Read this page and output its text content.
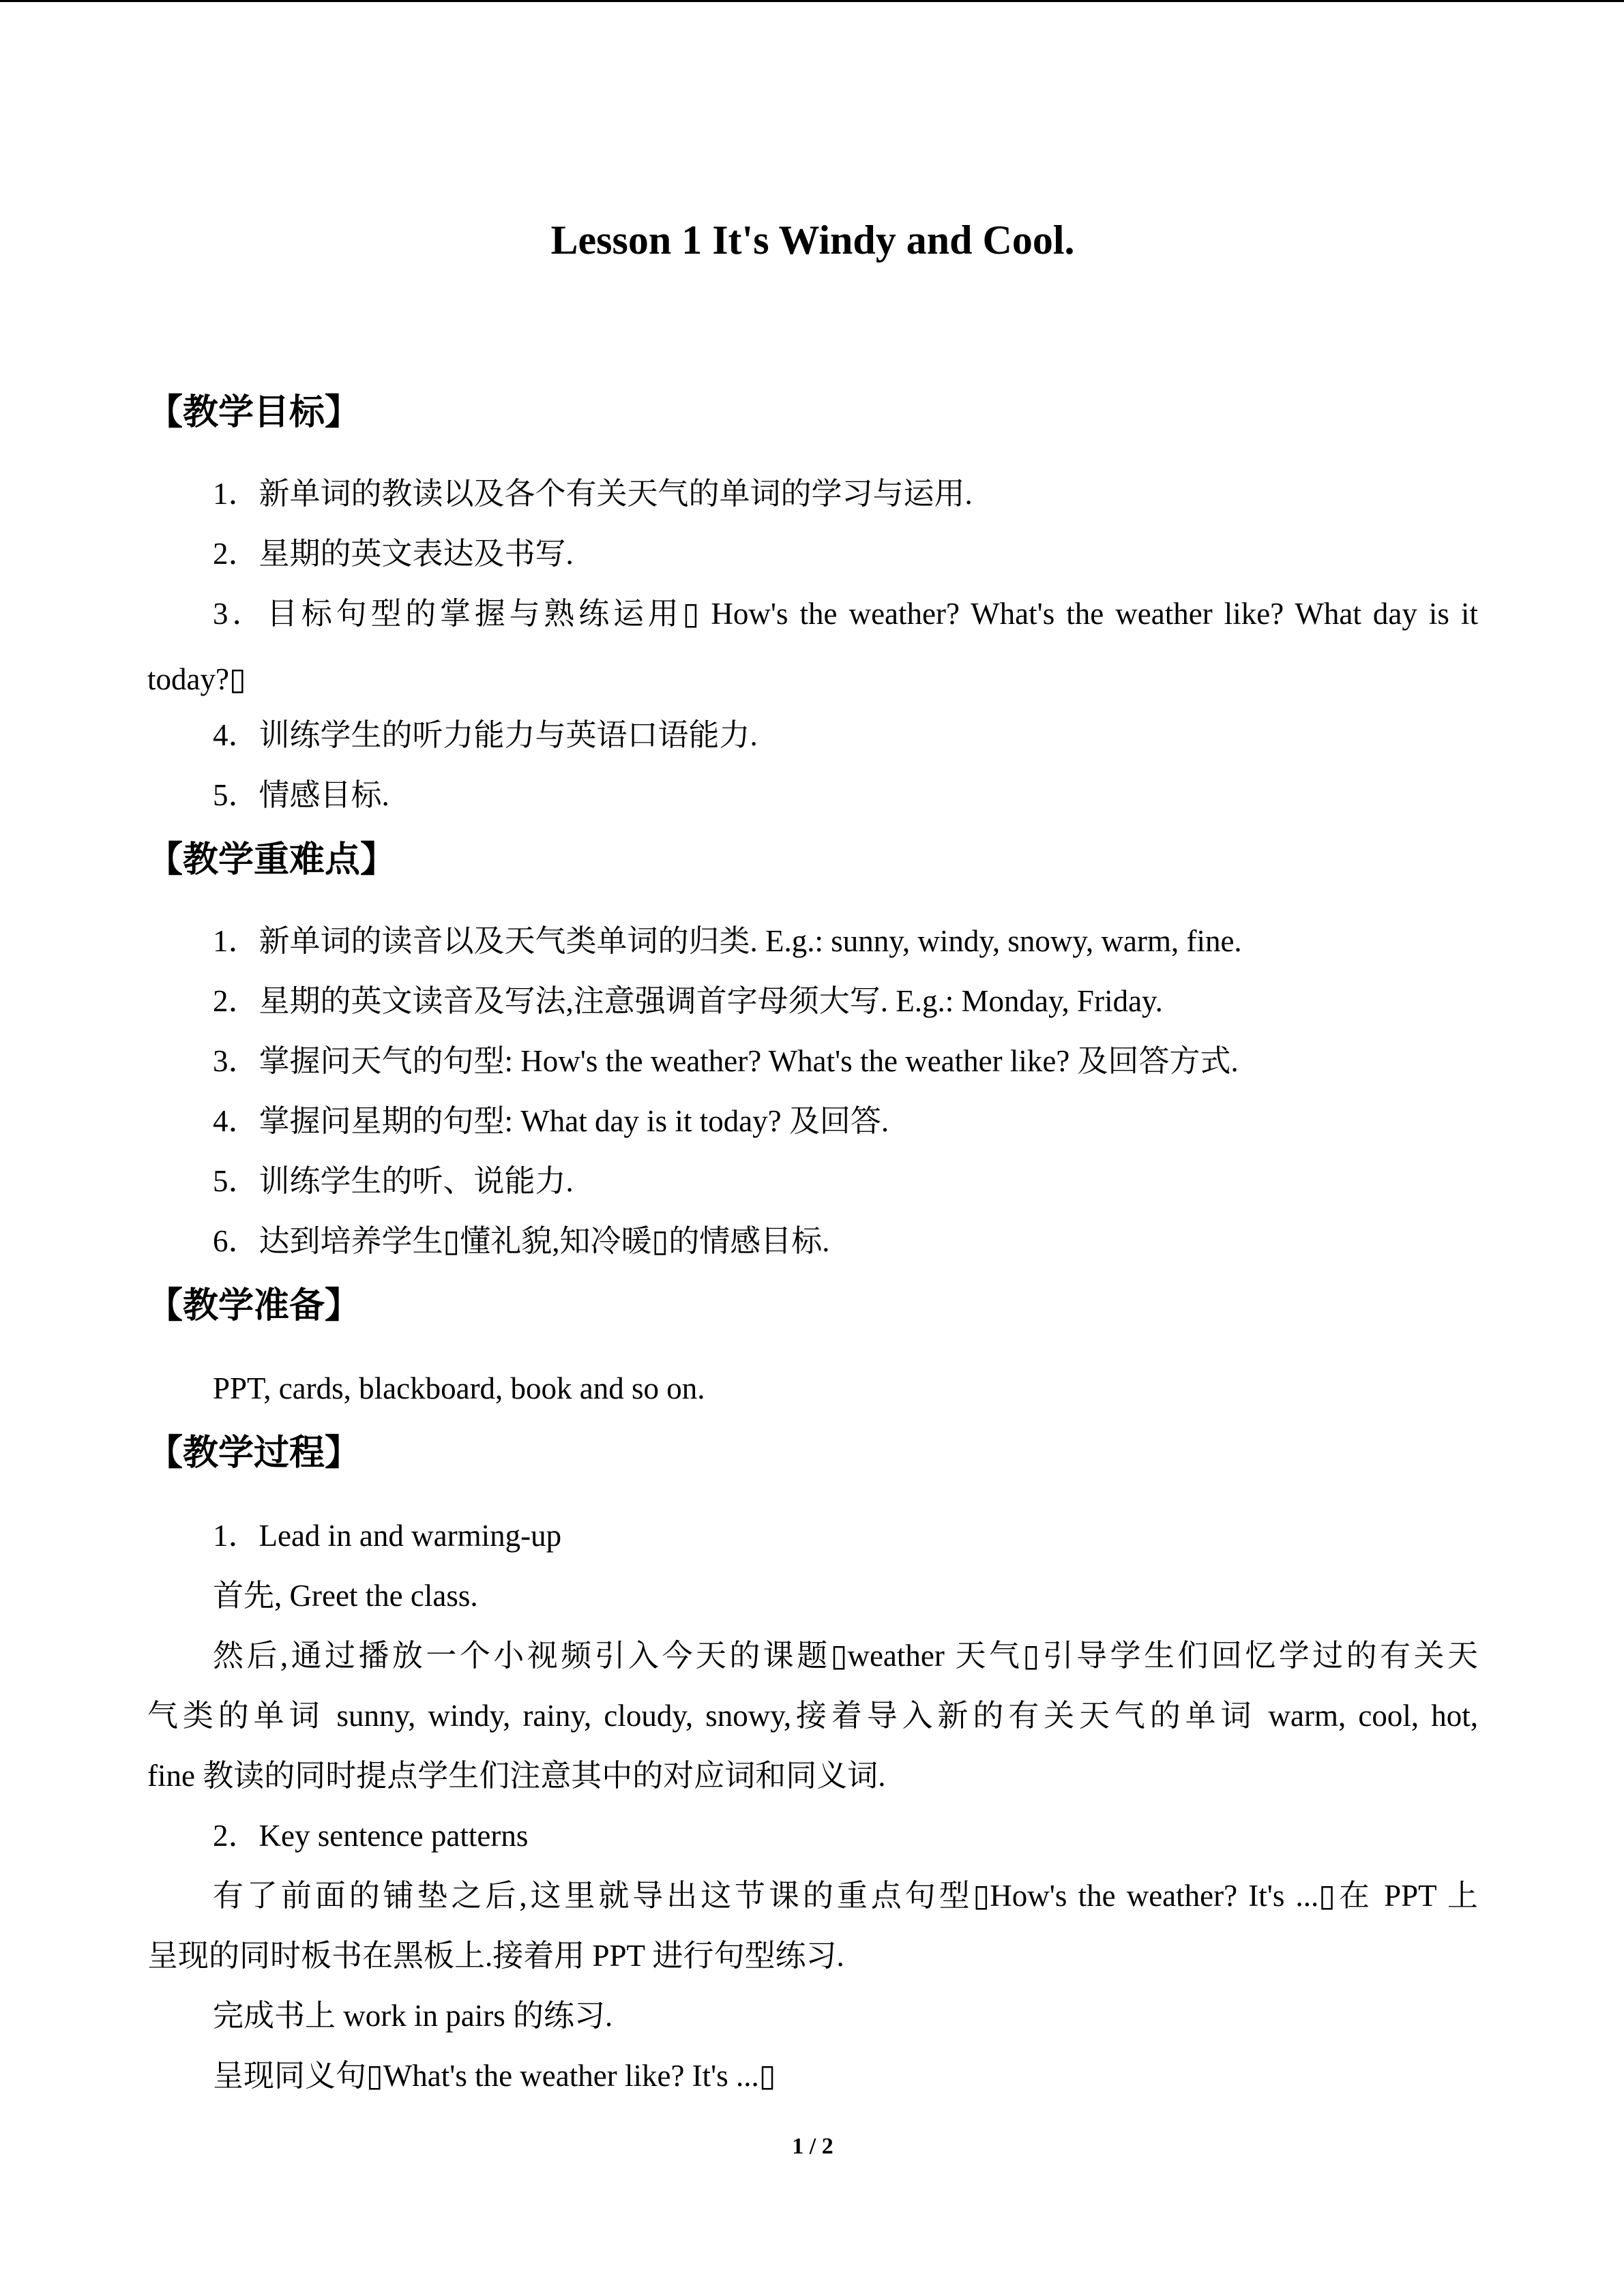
Lesson 1 It's Windy and Cool.
【教学目标】
1．新单词的教读以及各个有关天气的单词的学习与运用.
2．星期的英文表达及书写.
3．目标句型的掌握与熟练运用▯ How's the weather? What's the weather like? What day is it
today?▯
4．训练学生的听力能力与英语口语能力.
5．情感目标.
【教学重难点】
1．新单词的读音以及天气类单词的归类. E.g.: sunny, windy, snowy, warm, fine.
2．星期的英文读音及写法,注意强调首字母须大写. E.g.: Monday, Friday.
3．掌握问天气的句型: How's the weather? What's the weather like? 及回答方式.
4．掌握问星期的句型: What day is it today? 及回答.
5．训练学生的听、说能力.
6．达到培养学生▯懂礼貌,知冷暖▯的情感目标.
【教学准备】
PPT, cards, blackboard, book and so on.
【教学过程】
1．Lead in and warming-up
首先, Greet the class.
然后,通过播放一个小视频引入今天的课题▯weather 天气▯引导学生们回忆学过的有关天
气类的单词 sunny, windy, rainy, cloudy, snowy,接着导入新的有关天气的单词 warm, cool, hot,
fine 教读的同时提点学生们注意其中的对应词和同义词.
2．Key sentence patterns
有了前面的铺垫之后,这里就导出这节课的重点句型▯How's the weather? It's ...▯在 PPT 上
呈现的同时板书在黑板上.接着用 PPT 进行句型练习.
完成书上 work in pairs 的练习.
呈现同义句▯What's the weather like? It's ...▯
1 / 2
